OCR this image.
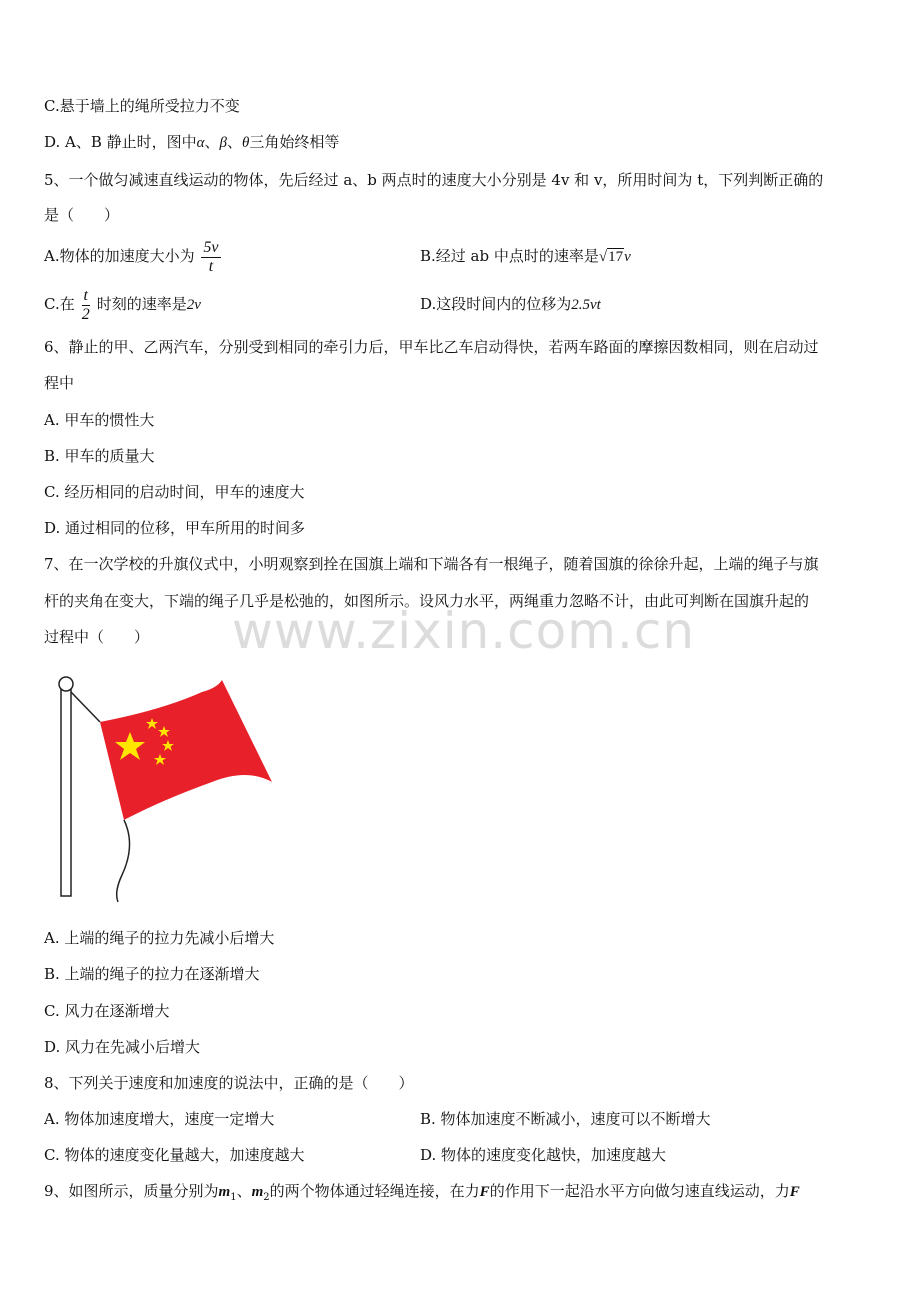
www.zixin.com.cn
C.悬于墙上的绳所受拉力不变
D. A、B 静止时，图中α、β、θ三角始终相等
5、一个做匀减速直线运动的物体，先后经过 a、b 两点时的速度大小分别是 4v 和 v，所用时间为 t，下列判断正确的
是（　　）
A.物体的加速度大小为 $\frac{5v}{t}$	B.经过 ab 中点时的速率是√17v
C.在 $\frac{t}{2}$ 时刻的速率是2v	D.这段时间内的位移为2.5vt
6、静止的甲、乙两汽车，分别受到相同的牵引力后，甲车比乙车启动得快，若两车路面的摩擦因数相同，则在启动过
程中
A. 甲车的惯性大
B. 甲车的质量大
C. 经历相同的启动时间，甲车的速度大
D. 通过相同的位移，甲车所用的时间多
7、在一次学校的升旗仪式中，小明观察到拴在国旗上端和下端各有一根绳子，随着国旗的徐徐升起，上端的绳子与旗
杆的夹角在变大，下端的绳子几乎是松弛的，如图所示。设风力水平，两绳重力忽略不计，由此可判断在国旗升起的
过程中（　　）
A. 上端的绳子的拉力先减小后增大
B. 上端的绳子的拉力在逐渐增大
C. 风力在逐渐增大
D. 风力在先减小后增大
8、下列关于速度和加速度的说法中，正确的是（　　）
A. 物体加速度增大，速度一定增大	B. 物体加速度不断减小，速度可以不断增大
C. 物体的速度变化量越大，加速度越大	D. 物体的速度变化越快，加速度越大
9、如图所示，质量分别为$m_1$、$m_2$的两个物体通过轻绳连接，在力F的作用下一起沿水平方向做匀速直线运动，力F
